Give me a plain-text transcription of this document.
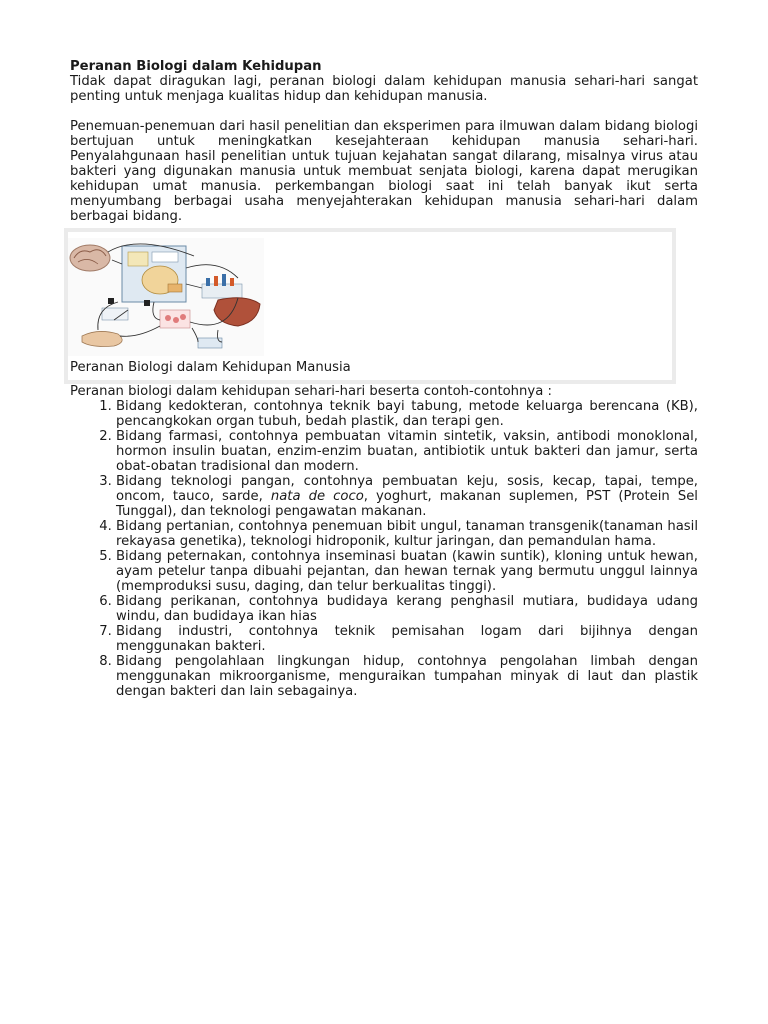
Peranan Biologi dalam Kehidupan

Tidak dapat diragukan lagi, peranan biologi dalam kehidupan manusia sehari-hari sangat penting untuk menjaga kualitas hidup dan kehidupan manusia.

Penemuan-penemuan dari hasil penelitian dan eksperimen para ilmuwan dalam bidang biologi bertujuan untuk meningkatkan kesejahteraan kehidupan manusia sehari-hari. Penyalahgunaan hasil penelitian untuk tujuan kejahatan sangat dilarang, misalnya virus atau bakteri yang digunakan manusia untuk membuat senjata biologi, karena dapat merugikan kehidupan umat manusia. perkembangan biologi saat ini telah banyak ikut serta menyumbang berbagai usaha menyejahterakan kehidupan manusia sehari-hari dalam berbagai bidang.

Peranan Biologi dalam Kehidupan Manusia

Peranan biologi dalam kehidupan sehari-hari beserta contoh-contohnya :

1. Bidang kedokteran, contohnya teknik bayi tabung, metode keluarga berencana (KB), pencangkokan organ tubuh, bedah plastik, dan terapi gen.
2. Bidang farmasi, contohnya pembuatan vitamin sintetik, vaksin, antibodi monoklonal, hormon insulin buatan, enzim-enzim buatan, antibiotik untuk bakteri dan jamur, serta obat-obatan tradisional dan modern.
3. Bidang teknologi pangan, contohnya pembuatan keju, sosis, kecap, tapai, tempe, oncom, tauco, sarde, nata de coco, yoghurt, makanan suplemen, PST (Protein Sel Tunggal), dan teknologi pengawatan makanan.
4. Bidang pertanian, contohnya penemuan bibit ungul, tanaman transgenik(tanaman hasil rekayasa genetika), teknologi hidroponik, kultur jaringan, dan pemandulan hama.
5. Bidang peternakan, contohnya inseminasi buatan (kawin suntik), kloning untuk hewan, ayam petelur tanpa dibuahi pejantan, dan hewan ternak yang bermutu unggul lainnya (memproduksi susu, daging, dan telur berkualitas tinggi).
6. Bidang perikanan, contohnya budidaya kerang penghasil mutiara, budidaya udang windu, dan budidaya ikan hias
7. Bidang industri, contohnya teknik pemisahan logam dari bijihnya dengan menggunakan bakteri.
8. Bidang pengolah​laan lingkungan hidup, contohnya pengolahan limbah dengan menggunakan mikroorganisme, menguraikan tumpahan minyak di laut dan plastik dengan bakteri dan lain sebagainya.
